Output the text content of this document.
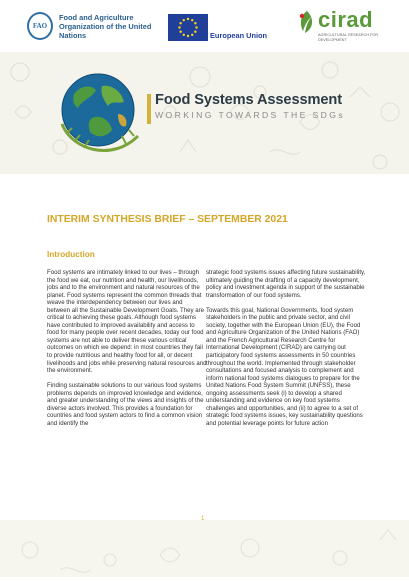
FAO
Food and Agriculture Organization of the United Nations	European Union
cirad
AGRICULTURAL RESEARCH FOR DEVELOPMENT
Food Systems Assessment
WORKING TOWARDS THE SDGs
INTERIM SYNTHESIS BRIEF – SEPTEMBER 2021
Introduction

Food systems are intimately linked to our lives – through the food we eat, our nutrition and health, our livelihoods, jobs and to the environment and natural resources of the planet. Food systems represent the common threads that weave the interdependency between our lives and between all the Sustainable Development Goals. They are critical to achieving these goals. Although food systems have contributed to improved availability and access to food for many people over recent decades, today our food systems are not able to deliver these various critical outcomes on which we depend: in most countries they fail to provide nutritious and healthy food for all, or decent livelihoods and jobs while preserving natural resources and the environment.

Finding sustainable solutions to our various food systems problems depends on improved knowledge and evidence, and greater understanding of the views and insights of the diverse actors involved. This provides a foundation for countries and food system actors to find a common vision and identify the

strategic food systems issues affecting future sustainability, ultimately guiding the drafting of a capacity development, policy and investment agenda in support of the sustainable transformation of our food systems.

Towards this goal, National Governments, food system stakeholders in the public and private sector, and civil society, together with the European Union (EU), the Food and Agriculture Organization of the United Nations (FAO) and the French Agricultural Research Centre for International Development (CIRAD) are carrying out participatory food systems assessments in 50 countries throughout the world. Implemented through stakeholder consultations and focused analysis to complement and inform national food systems dialogues to prepare for the United Nations Food System Summit (UNFSS), these ongoing assessments seek (i) to develop a shared understanding and evidence on key food systems challenges and opportunities, and (ii) to agree to a set of strategic food systems issues, key sustainability questions and potential leverage points for future action

1
